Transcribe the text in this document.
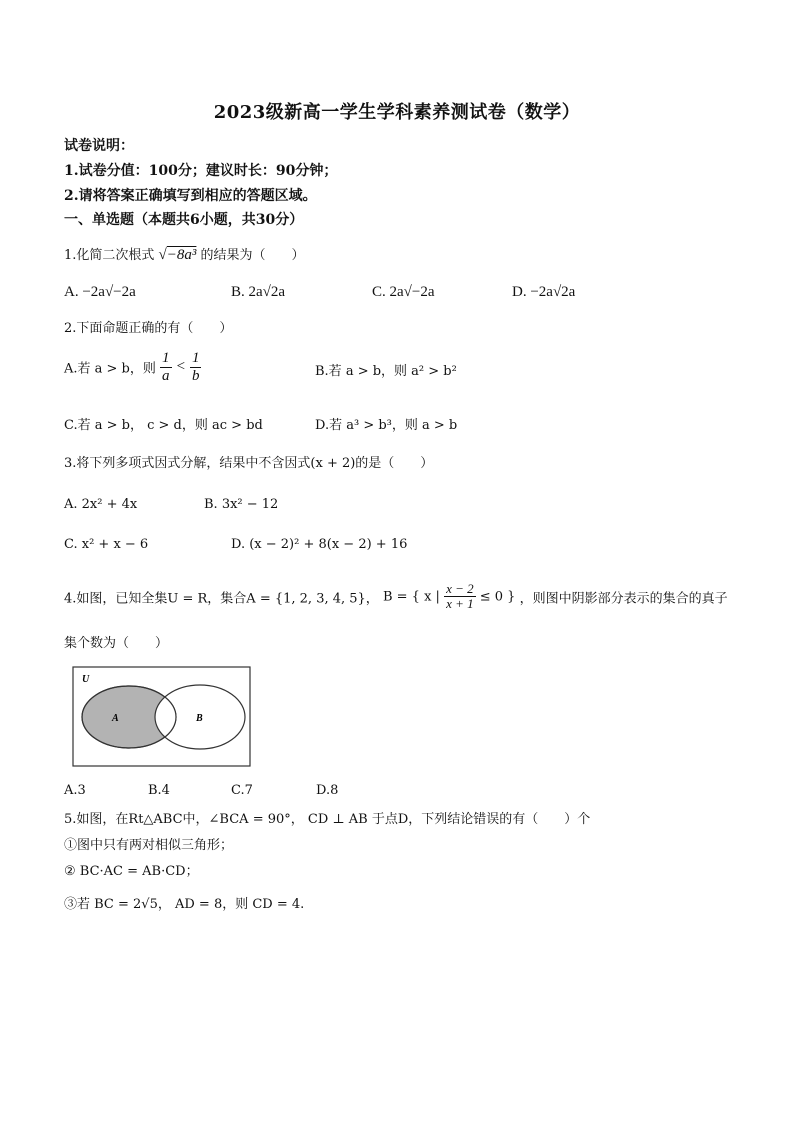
2023级新高一学生学科素养测试卷（数学）
试卷说明：
1.试卷分值：100分；建议时长：90分钟；
2.请将答案正确填写到相应的答题区域。
一、单选题（本题共6小题，共30分）
1.化简二次根式 √−8a³ 的结果为（　　）
A. −2a√−2a	B. 2a√2a	C. 2a√−2a	D. −2a√2a
2.下面命题正确的有（　　）
A.若 a > b，则 $\frac{1}{a} < \frac{1}{b}$	B.若 a > b，则 a² > b²
C.若 a > b， c > d，则 ac > bd	D.若 a³ > b³，则 a > b
3.将下列多项式因式分解，结果中不含因式(x + 2)的是（　　）
A. 2x² + 4x	B. 3x² − 12
C. x² + x − 6	D. (x − 2)² + 8(x − 2) + 16
4.如图，已知全集U = R，集合A = {1, 2, 3, 4, 5}， B = { x | $\frac{x - 2}{x + 1} \le 0$ } ，则图中阴影部分表示的集合的真子
集个数为（　　）
U
A	B
A.3	B.4	C.7	D.8
5.如图，在Rt△ABC中，∠BCA = 90°， CD ⊥ AB 于点D，下列结论错误的有（　　）个
①图中只有两对相似三角形；
② BC·AC = AB·CD；
③若 BC = 2√5， AD = 8，则 CD = 4.
